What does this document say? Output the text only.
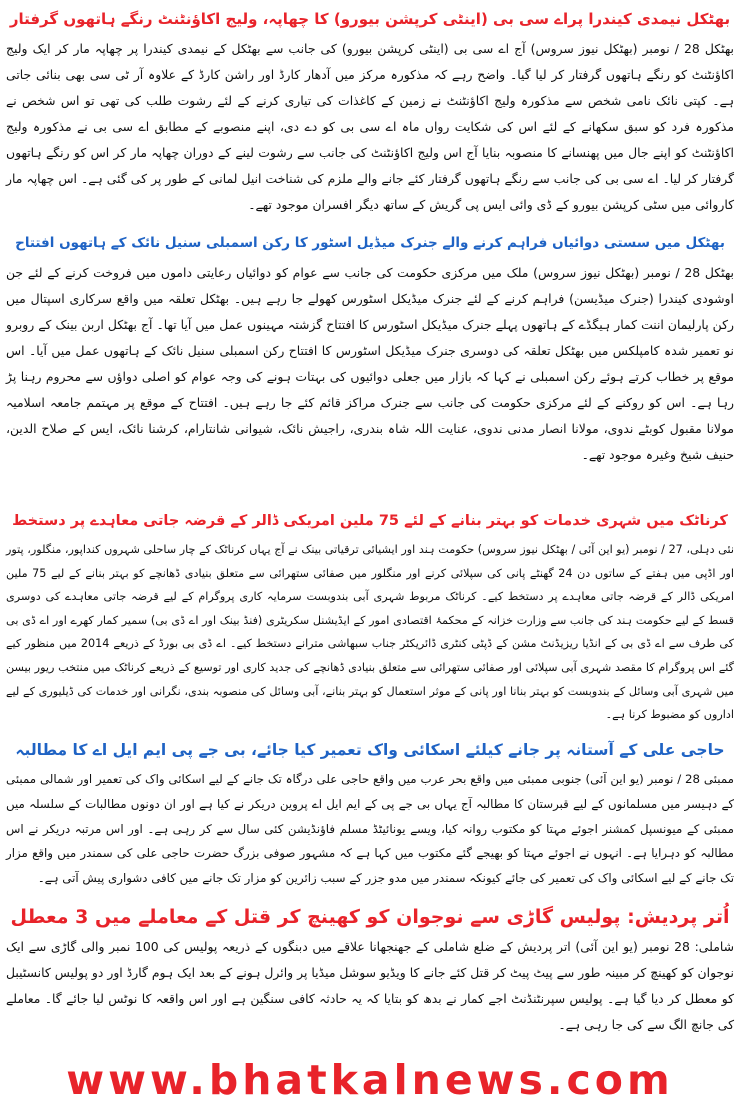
بھٹکل نیمدی کیندرا پراے سی بی (اینٹی کرپشن بیورو) کا چھاپہ، ولیج اکاؤنٹنٹ رنگے ہاتھوں گرفتار

بھٹکل 28 / نومبر (بھٹکل نیوز سروس) آج اے سی بی (اینٹی کرپشن بیورو) کی جانب سے بھٹکل کے نیمدی کیندرا پر چھاپہ مار کر ایک ولیج اکاؤنٹنٹ کو رنگے ہاتھوں گرفتار کر لیا گیا۔ واضح رہے کہ مذکورہ مرکز میں آدھار کارڈ اور راشن کارڈ کے علاوہ آر ٹی سی بھی بنائی جاتی ہے۔ کپتی نائک نامی شخص سے مذکورہ ولیج اکاؤنٹنٹ نے زمین کے کاغذات کی تیاری کرنے کے لئے رشوت طلب کی تھی تو اس شخص نے مذکورہ فرد کو سبق سکھانے کے لئے اس کی شکایت رواں ماہ اے سی بی کو دے دی، اپنے منصوبے کے مطابق اے سی بی نے مذکورہ ولیج اکاؤنٹنٹ کو اپنے جال میں پھنسانے کا منصوبہ بنایا آج اس ولیج اکاؤنٹنٹ کی جانب سے رشوت لینے کے دوران چھاپہ مار کر اس کو رنگے ہاتھوں گرفتار کر لیا۔ اے سی بی کی جانب سے رنگے ہاتھوں گرفتار کئے جانے والے ملزم کی شناخت انیل لمانی کے طور پر کی گئی ہے۔ اس چھاپہ مار کاروائی میں سٹی کرپشن بیورو کے ڈی وائی ایس پی گریش کے ساتھ دیگر افسران موجود تھے۔

بھٹکل میں سستی دوائیاں فراہم کرنے والے جنرک میڈیل اسٹور کا رکن اسمبلی سنیل نائک کے ہاتھوں افتتاح

بھٹکل 28 / نومبر (بھٹکل نیوز سروس) ملک میں مرکزی حکومت کی جانب سے عوام کو دوائیاں رعایتی داموں میں فروخت کرنے کے لئے جن اوشودی کیندرا (جنرک میڈیسن) فراہم کرنے کے لئے جنرک میڈیکل اسٹورس کھولے جا رہے ہیں۔ بھٹکل تعلقہ میں واقع سرکاری اسپتال میں رکن پارلیمان اننت کمار ہیگڈے کے ہاتھوں پہلے جنرک میڈیکل اسٹورس کا افتتاح گزشتہ مہینوں عمل میں آیا تھا۔ آج بھٹکل اربن بینک کے روبرو نو تعمیر شدہ کامپلکس میں بھٹکل تعلقہ کی دوسری جنرک میڈیکل اسٹورس کا افتتاح رکن اسمبلی سنیل نائک کے ہاتھوں عمل میں آیا۔ اس موقع پر خطاب کرتے ہوئے رکن اسمبلی نے کہا کہ بازار میں جعلی دوائیوں کی بہتات ہونے کی وجہ عوام کو اصلی دواؤں سے محروم رہنا پڑ رہا ہے۔ اس کو روکنے کے لئے مرکزی حکومت کی جانب سے جنرک مراکز قائم کئے جا رہے ہیں۔ افتتاح کے موقع پر مہتمم جامعہ اسلامیہ مولانا مقبول کوبٹے ندوی، مولانا انصار مدنی ندوی، عنایت اللہ شاہ بندری، راجیش نائک، شیوانی شانتارام، کرشنا نائک، ایس کے صلاح الدین، حنیف شیخ وغیرہ موجود تھے۔

کرناٹک میں شہری خدمات کو بہتر بنانے کے لئے 75 ملین امریکی ڈالر کے قرضہ جاتی معاہدے پر دستخط

نئی دہلی، 27 / نومبر (یو این آئی / بھٹکل نیوز سروس) حکومت ہند اور ایشیائی ترقیاتی بینک نے آج یہاں کرناٹک کے چار ساحلی شہروں کنداپور، منگلور، پتور اور اڈپی میں ہفتے کے ساتوں دن 24 گھنٹے پانی کی سپلائی کرنے اور منگلور میں صفائی ستھرائی سے متعلق بنیادی ڈھانچے کو بہتر بنانے کے لیے 75 ملین امریکی ڈالر کے قرضہ جاتی معاہدے پر دستخط کیے۔ کرناٹک مربوط شہری آبی بندوبست سرمایہ کاری پروگرام کے لیے قرضہ جاتی معاہدے کی دوسری قسط کے لیے حکومت ہند کی جانب سے وزارت خزانہ کے محکمۂ اقتصادی امور کے ایڈیشنل سکریٹری (فنڈ بینک اور اے ڈی بی) سمیر کمار کھرے اور اے ڈی بی کی طرف سے اے ڈی بی کے انڈیا ریزیڈنٹ مشن کے ڈپٹی کنٹری ڈائریکٹر جناب سبھاشی مترانے دستخط کیے۔ اے ڈی بی بورڈ کے ذریعے 2014 میں منظور کیے گئے اس پروگرام کا مقصد شہری آبی سپلائی اور صفائی ستھرائی سے متعلق بنیادی ڈھانچے کی جدید کاری اور توسیع کے ذریعے کرناٹک میں منتخب ریور بیسن میں شہری آبی وسائل کے بندوبست کو بہتر بنانا اور پانی کے موثر استعمال کو بہتر بنانے، آبی وسائل کی منصوبہ بندی، نگرانی اور خدمات کی ڈیلیوری کے لیے اداروں کو مضبوط کرنا ہے۔

حاجی علی کے آستانہ پر جانے کیلئے اسکائی واک تعمیر کیا جائے، بی جے پی ایم ایل اے کا مطالبہ

ممبئی 28 / نومبر (یو این آئی) جنوبی ممبئی میں واقع بحر عرب میں واقع حاجی علی درگاہ تک جانے کے لیے اسکائی واک کی تعمیر اور شمالی ممبئی کے دہیسر میں مسلمانوں کے لیے قبرستان کا مطالبہ آج یہاں بی جے پی کے ایم ایل اے پروین دریکر نے کیا ہے اور ان دونوں مطالبات کے سلسلہ میں ممبئی کے میونسپل کمشنر اجوئے مہتا کو مکتوب روانہ کیا، ویسے یونائیٹڈ مسلم فاؤنڈیشن کئی سال سے کر رہی ہے۔ اور اس مرتبہ دریکر نے اس مطالبہ کو دہرایا ہے۔ انہوں نے اجوئے مہتا کو بھیجے گئے مکتوب میں کہا ہے کہ مشہور صوفی بزرگ حضرت حاجی علی کی سمندر میں واقع مزار تک جانے کے لیے اسکائی واک کی تعمیر کی جائے کیونکہ سمندر میں مدو جزر کے سبب زائرین کو مزار تک جانے میں کافی دشواری پیش آتی ہے۔

اُتر پردیش: پولیس گاڑی سے نوجوان کو کھینچ کر قتل کے معاملے میں 3 معطل

شاملی: 28 نومبر (یو این آئی) اتر پردیش کے ضلع شاملی کے جھنجھانا علاقے میں دبنگوں کے ذریعہ پولیس کی 100 نمبر والی گاڑی سے ایک نوجوان کو کھینچ کر مبینہ طور سے پیٹ پیٹ کر قتل کئے جانے کا ویڈیو سوشل میڈیا پر وائرل ہونے کے بعد ایک ہوم گارڈ اور دو پولیس کانسٹیبل کو معطل کر دیا گیا ہے۔ پولیس سپرنٹنڈنٹ اجے کمار نے بدھ کو بتایا کہ یہ حادثہ کافی سنگین ہے اور اس واقعہ کا نوٹس لیا جائے گا۔ معاملے کی جانچ الگ سے کی جا رہی ہے۔

www.bhatkalnews.com
